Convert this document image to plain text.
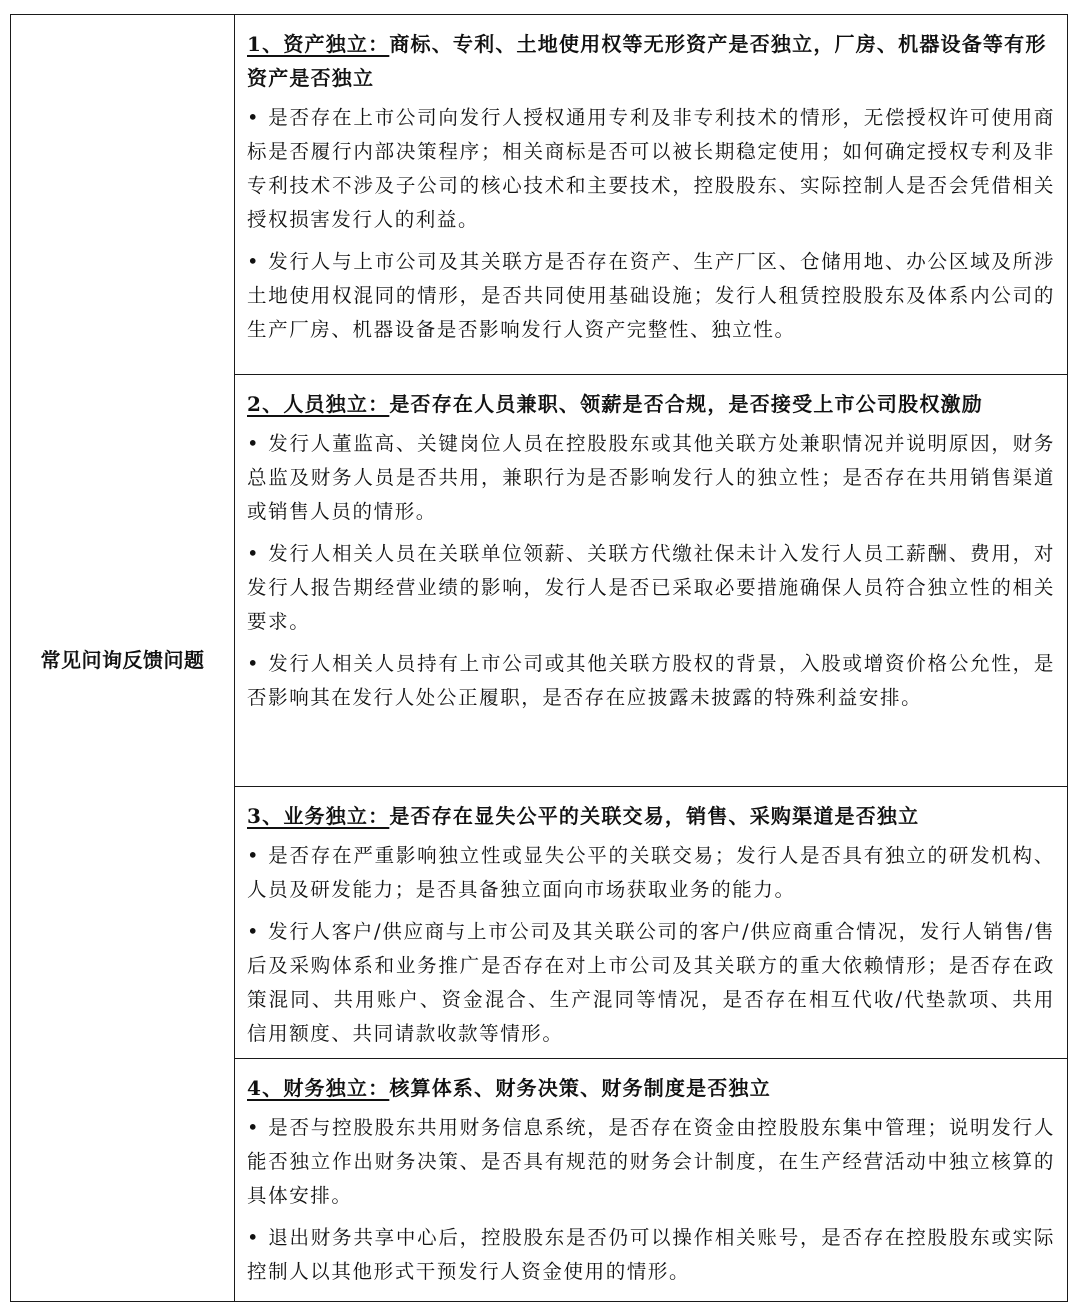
常见问询反馈问题
1、资产独立：商标、专利、土地使用权等无形资产是否独立，厂房、机器设备等有形资产是否独立

• 是否存在上市公司向发行人授权通用专利及非专利技术的情形，无偿授权许可使用商标是否履行内部决策程序；相关商标是否可以被长期稳定使用；如何确定授权专利及非专利技术不涉及子公司的核心技术和主要技术，控股股东、实际控制人是否会凭借相关授权损害发行人的利益。

• 发行人与上市公司及其关联方是否存在资产、生产厂区、仓储用地、办公区域及所涉土地使用权混同的情形，是否共同使用基础设施；发行人租赁控股股东及体系内公司的生产厂房、机器设备是否影响发行人资产完整性、独立性。

2、人员独立：是否存在人员兼职、领薪是否合规，是否接受上市公司股权激励

• 发行人董监高、关键岗位人员在控股股东或其他关联方处兼职情况并说明原因，财务总监及财务人员是否共用，兼职行为是否影响发行人的独立性；是否存在共用销售渠道或销售人员的情形。

• 发行人相关人员在关联单位领薪、关联方代缴社保未计入发行人员工薪酬、费用，对发行人报告期经营业绩的影响，发行人是否已采取必要措施确保人员符合独立性的相关要求。

• 发行人相关人员持有上市公司或其他关联方股权的背景，入股或增资价格公允性，是否影响其在发行人处公正履职，是否存在应披露未披露的特殊利益安排。

3、业务独立：是否存在显失公平的关联交易，销售、采购渠道是否独立

• 是否存在严重影响独立性或显失公平的关联交易；发行人是否具有独立的研发机构、人员及研发能力；是否具备独立面向市场获取业务的能力。

• 发行人客户/供应商与上市公司及其关联公司的客户/供应商重合情况，发行人销售/售后及采购体系和业务推广是否存在对上市公司及其关联方的重大依赖情形；是否存在政策混同、共用账户、资金混合、生产混同等情况，是否存在相互代收/代垫款项、共用信用额度、共同请款收款等情形。

4、财务独立：核算体系、财务决策、财务制度是否独立

• 是否与控股股东共用财务信息系统，是否存在资金由控股股东集中管理；说明发行人能否独立作出财务决策、是否具有规范的财务会计制度，在生产经营活动中独立核算的具体安排。

• 退出财务共享中心后，控股股东是否仍可以操作相关账号，是否存在控股股东或实际控制人以其他形式干预发行人资金使用的情形。
